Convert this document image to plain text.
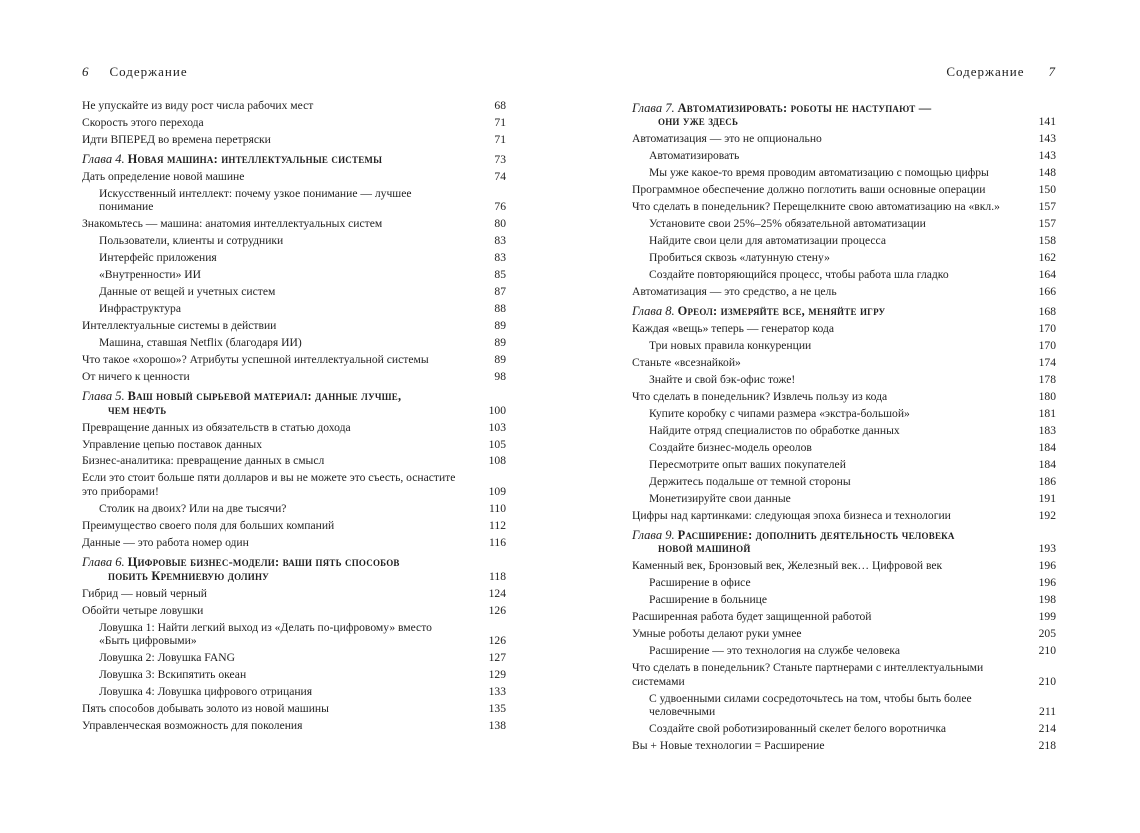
6 Содержание
Не упускайте из виду рост числа рабочих мест	68
Скорость этого перехода	71
Идти ВПЕРЕД во времена перетряски	71
Глава 4. Новая машина: интеллектуальные системы	73
Дать определение новой машине	74
Искусственный интеллект: почему узкое понимание — лучшее понимание	76
Знакомьтесь — машина: анатомия интеллектуальных систем	80
Пользователи, клиенты и сотрудники	83
Интерфейс приложения	83
«Внутренности» ИИ	85
Данные от вещей и учетных систем	87
Инфраструктура	88
Интеллектуальные системы в действии	89
Машина, ставшая Netflix (благодаря ИИ)	89
Что такое «хорошо»? Атрибуты успешной интеллектуальной системы	89
От ничего к ценности	98
Глава 5. Ваш новый сырьевой материал: данные лучше,
чем нефть	100
Превращение данных из обязательств в статью дохода	103
Управление цепью поставок данных	105
Бизнес-аналитика: превращение данных в смысл	108
Если это стоит больше пяти долларов и вы не можете это съесть, оснастите это приборами!	109
Столик на двоих? Или на две тысячи?	110
Преимущество своего поля для больших компаний	112
Данные — это работа номер один	116
Глава 6. Цифровые бизнес-модели: ваши пять способов
побить Кремниевую долину	118
Гибрид — новый черный	124
Обойти четыре ловушки	126
Ловушка 1: Найти легкий выход из «Делать по-цифровому» вместо «Быть цифровыми»	126
Ловушка 2: Ловушка FANG	127
Ловушка 3: Вскипятить океан	129
Ловушка 4: Ловушка цифрового отрицания	133
Пять способов добывать золото из новой машины	135
Управленческая возможность для поколения	138
Содержание 7
Глава 7. Автоматизировать: роботы не наступают —
они уже здесь	141
Автоматизация — это не опционально	143
Автоматизировать	143
Мы уже какое-то время проводим автоматизацию с помощью цифры	148
Программное обеспечение должно поглотить ваши основные операции	150
Что сделать в понедельник? Перещелкните свою автоматизацию на «вкл.»	157
Установите свои 25%–25% обязательной автоматизации	157
Найдите свои цели для автоматизации процесса	158
Пробиться сквозь «латунную стену»	162
Создайте повторяющийся процесс, чтобы работа шла гладко	164
Автоматизация — это средство, а не цель	166
Глава 8. Ореол: измеряйте все, меняйте игру	168
Каждая «вещь» теперь — генератор кода	170
Три новых правила конкуренции	170
Станьте «всезнайкой»	174
Знайте и свой бэк-офис тоже!	178
Что сделать в понедельник? Извлечь пользу из кода	180
Купите коробку с чипами размера «экстра-большой»	181
Найдите отряд специалистов по обработке данных	183
Создайте бизнес-модель ореолов	184
Пересмотрите опыт ваших покупателей	184
Держитесь подальше от темной стороны	186
Монетизируйте свои данные	191
Цифры над картинками: следующая эпоха бизнеса и технологии	192
Глава 9. Расширение: дополнить деятельность человека
новой машиной	193
Каменный век, Бронзовый век, Железный век… Цифровой век	196
Расширение в офисе	196
Расширение в больнице	198
Расширенная работа будет защищенной работой	199
Умные роботы делают руки умнее	205
Расширение — это технология на службе человека	210
Что сделать в понедельник? Станьте партнерами с интеллектуальными системами	210
С удвоенными силами сосредоточьтесь на том, чтобы быть более человечными	211
Создайте свой роботизированный скелет белого воротничка	214
Вы + Новые технологии = Расширение	218
